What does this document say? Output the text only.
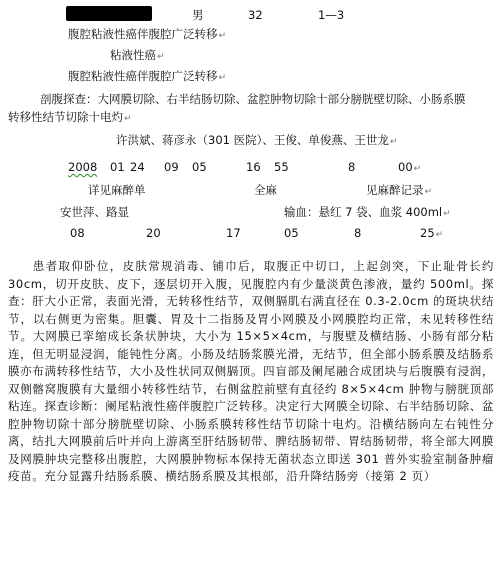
男	32	1—3
腹腔粘液性癌伴腹腔广泛转移↵
粘液性癌↵
腹腔粘液性癌伴腹腔广泛转移↵
剖腹探查：大网膜切除、右半结肠切除、盆腔肿物切除十部分膀胱壁切除、小肠系膜
转移性结节切除十电灼↵
许洪斌、蒋彦永（301 医院）、王俊、单俊燕、王世龙↵
2008 01 24 09 05	16 55	8	00↵
详见麻醉单	全麻	见麻醉记录↵
安世萍、路显	输血：悬红 7 袋、血浆 400ml↵
08	20	17	05	8	25↵

患者取仰卧位，皮肤常规消毒、铺巾后，取腹正中切口，上起剑突，下止耻骨长约 30cm，切开皮肤、皮下，逐层切开入腹，见腹腔内有少量淡黄色渗液，量约 500ml。探查：肝大小正常，表面光滑，无转移性结节，双侧膈肌右满直径在 0.3-2.0cm 的斑块状结节，以右侧更为密集。胆囊、胃及十二指肠及胃小网膜及小网膜腔均正常，未见转移性结节。大网膜已挛缩成长条状肿块，大小为 15×5×4cm，与腹壁及横结肠、小肠有部分粘连，但无明显浸润，能钝性分离。小肠及结肠浆膜光滑，无结节，但全部小肠系膜及结肠系膜亦布满转移性结节，大小及性状同双侧膈顶。四盲部及阑尾融合成团块与后腹膜有浸润，双侧髂窝腹膜有大量细小转移性结节，右侧盆腔前壁有直径约 8×5×4cm 肿物与膀胱顶部粘连。探查诊断：阑尾粘液性癌伴腹腔广泛转移。决定行大网膜全切除、右半结肠切除、盆腔肿物切除十部分膀胱壁切除、小肠系膜转移性结节切除十电灼。沿横结肠向左右钝性分离，结扎大网膜前后叶并向上游离至肝结肠韧带、脾结肠韧带、胃结肠韧带，将全部大网膜及网膜肿块完整移出腹腔，大网膜肿物标本保持无菌状态立即送 301 普外实验室制备肿瘤疫苗。充分显露升结肠系膜、横结肠系膜及其根部，沿升降结肠旁（接第 2 页）
